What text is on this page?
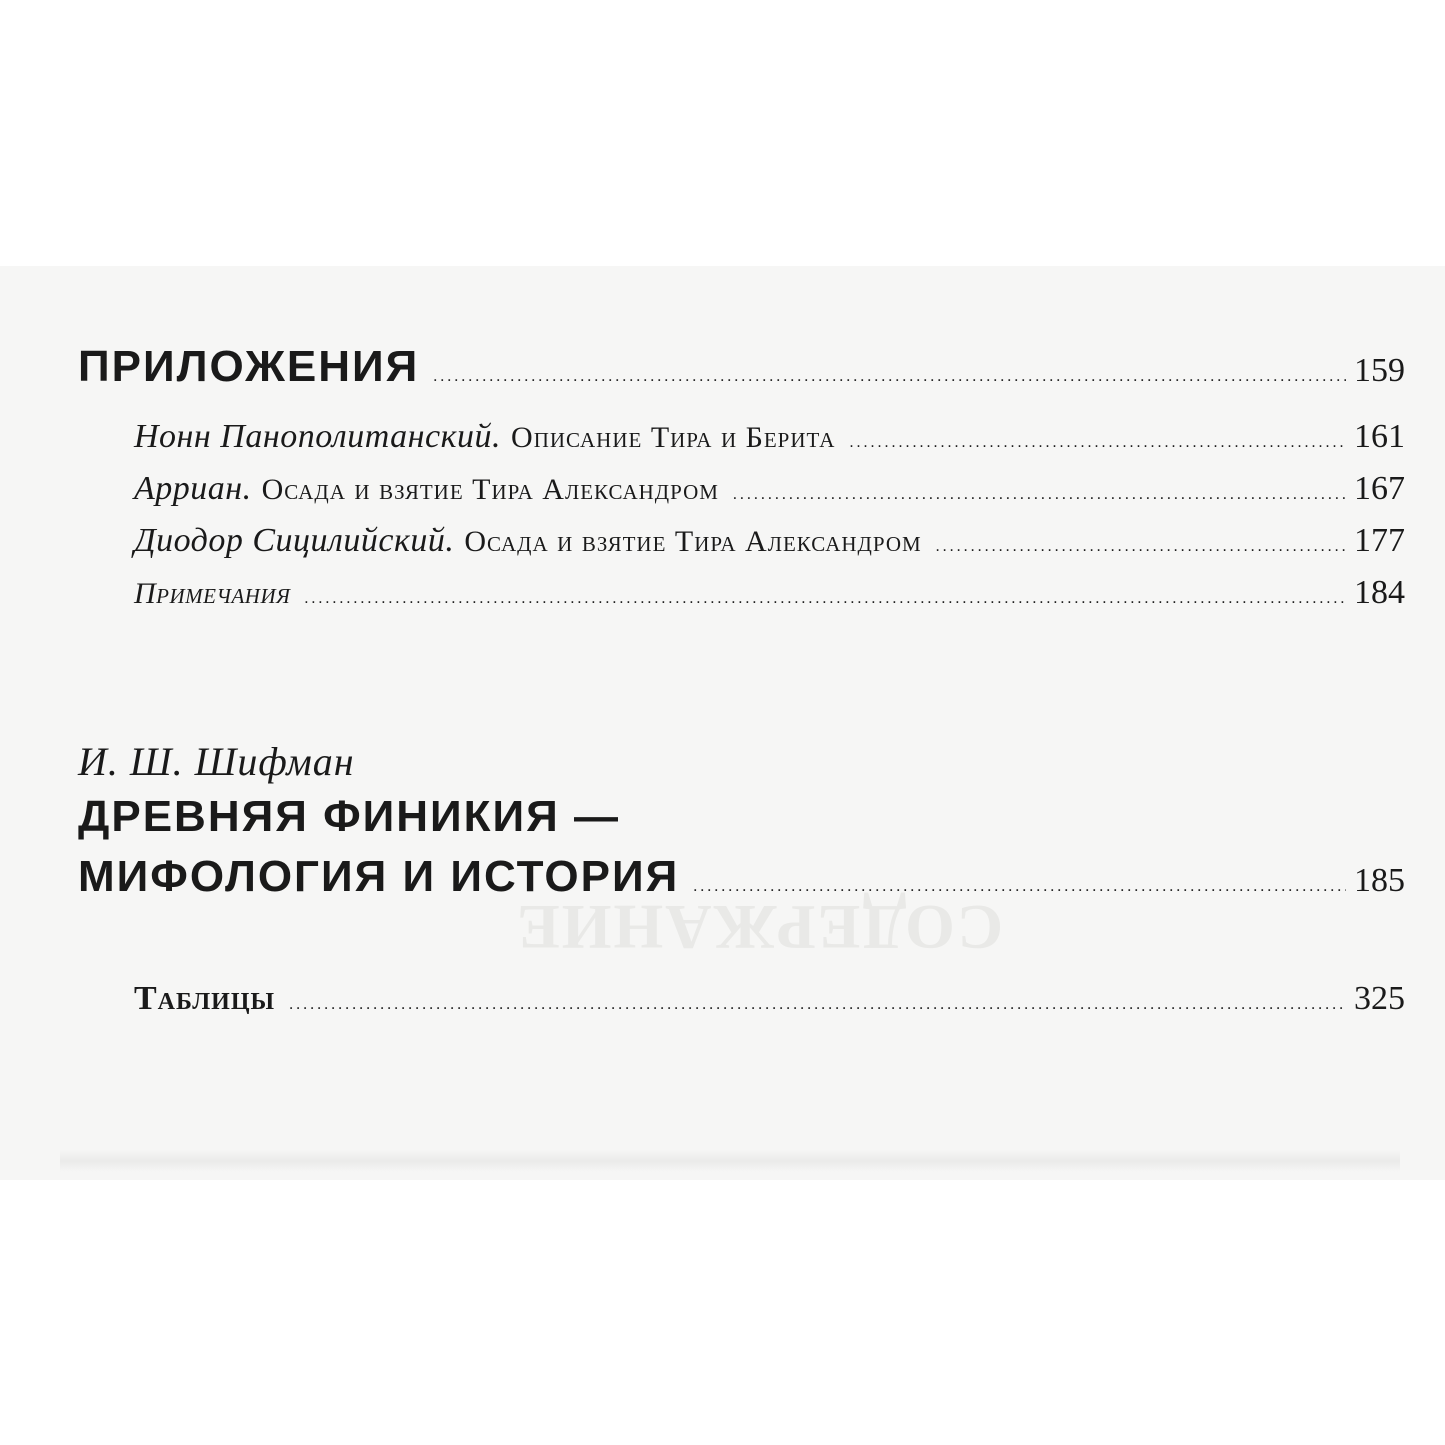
СОДЕРЖАНИЕ
ПРИЛОЖЕНИЯ .....	159
Нонн Панополитанский. Описание Тира и Берита .....	161
Арриан. Осада и взятие Тира Александром .....	167
Диодор Сицилийский. Осада и взятие Тира Александром .....	177
Примечания .....	184
И. Ш. Шифман
ДРЕВНЯЯ ФИНИКИЯ —
МИФОЛОГИЯ И ИСТОРИЯ .....	185
Таблицы .....	325
